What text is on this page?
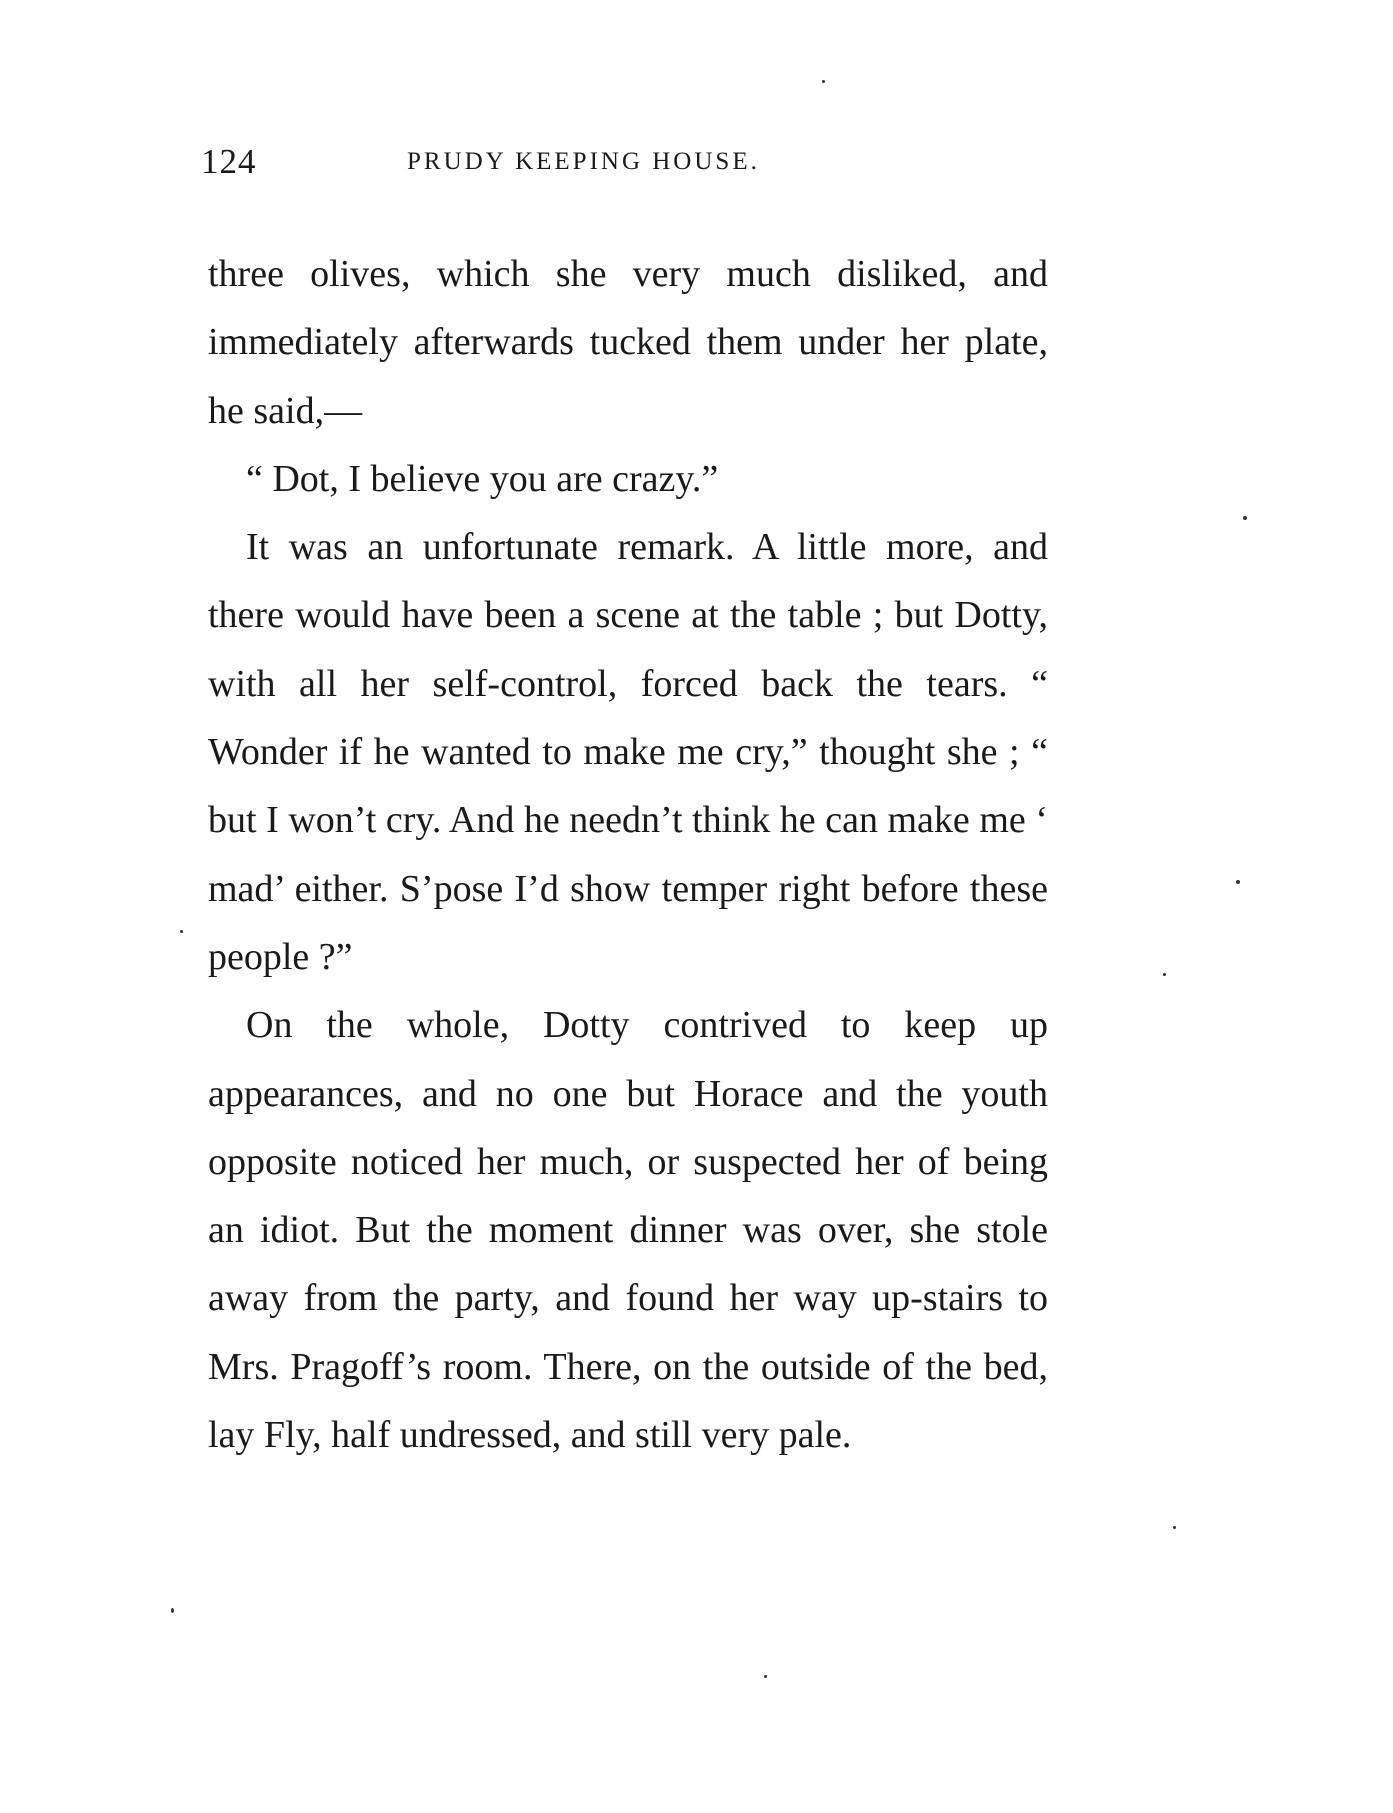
124	PRUDY KEEPING HOUSE.

three olives, which she very much disliked, and immediately afterwards tucked them under her plate, he said,—

“ Dot, I believe you are crazy.”

It was an unfortunate remark. A little more, and there would have been a scene at the table ; but Dotty, with all her self-control, forced back the tears. “ Wonder if he wanted to make me cry,” thought she ; “ but I won’t cry. And he needn’t think he can make me ‘ mad’ either. S’pose I’d show temper right before these people ?”

On the whole, Dotty contrived to keep up appearances, and no one but Horace and the youth opposite noticed her much, or suspected her of being an idiot. But the moment dinner was over, she stole away from the party, and found her way up-stairs to Mrs. Pragoff’s room. There, on the outside of the bed, lay Fly, half undressed, and still very pale.
